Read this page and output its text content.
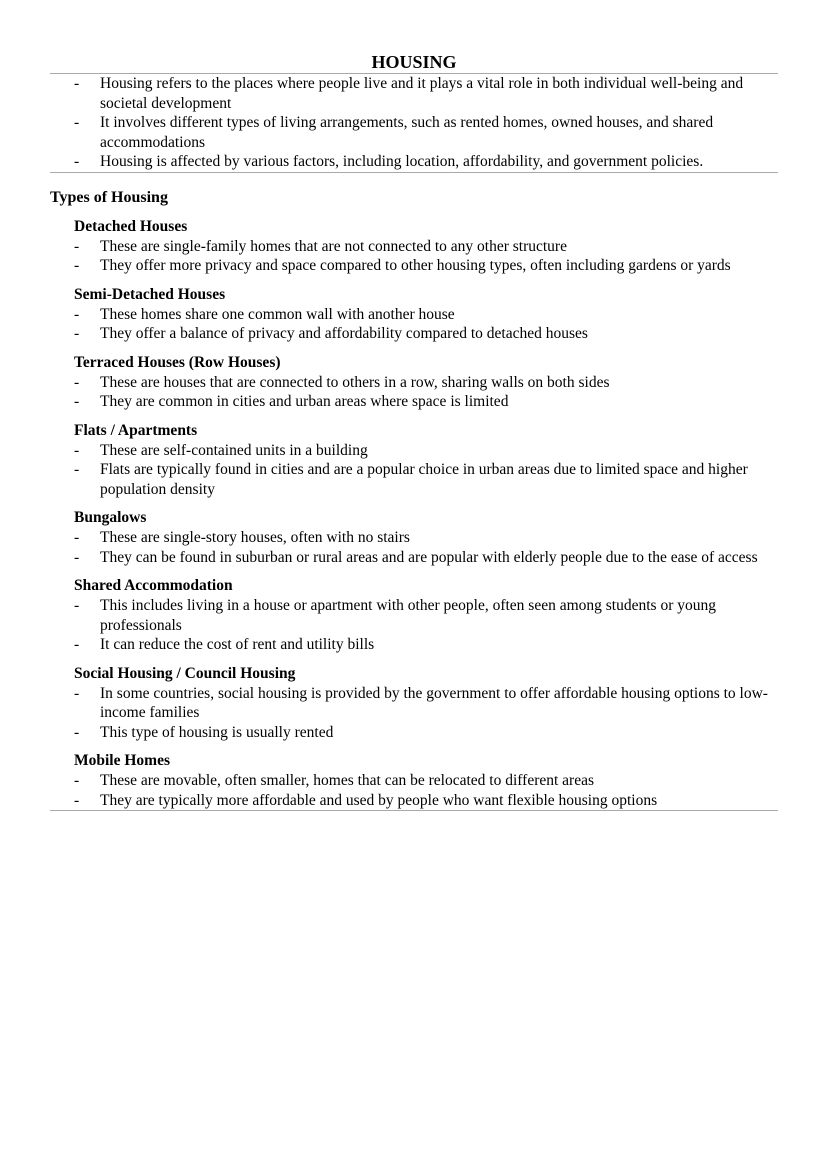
HOUSING
- Housing refers to the places where people live and it plays a vital role in both individual well-being and societal development
- It involves different types of living arrangements, such as rented homes, owned houses, and shared accommodations
- Housing is affected by various factors, including location, affordability, and government policies.
Types of Housing
Detached Houses
- These are single-family homes that are not connected to any other structure
- They offer more privacy and space compared to other housing types, often including gardens or yards
Semi-Detached Houses
- These homes share one common wall with another house
- They offer a balance of privacy and affordability compared to detached houses
Terraced Houses (Row Houses)
- These are houses that are connected to others in a row, sharing walls on both sides
- They are common in cities and urban areas where space is limited
Flats / Apartments
- These are self-contained units in a building
- Flats are typically found in cities and are a popular choice in urban areas due to limited space and higher population density
Bungalows
- These are single-story houses, often with no stairs
- They can be found in suburban or rural areas and are popular with elderly people due to the ease of access
Shared Accommodation
- This includes living in a house or apartment with other people, often seen among students or young professionals
- It can reduce the cost of rent and utility bills
Social Housing / Council Housing
- In some countries, social housing is provided by the government to offer affordable housing options to low-income families
- This type of housing is usually rented
Mobile Homes
- These are movable, often smaller, homes that can be relocated to different areas
- They are typically more affordable and used by people who want flexible housing options
